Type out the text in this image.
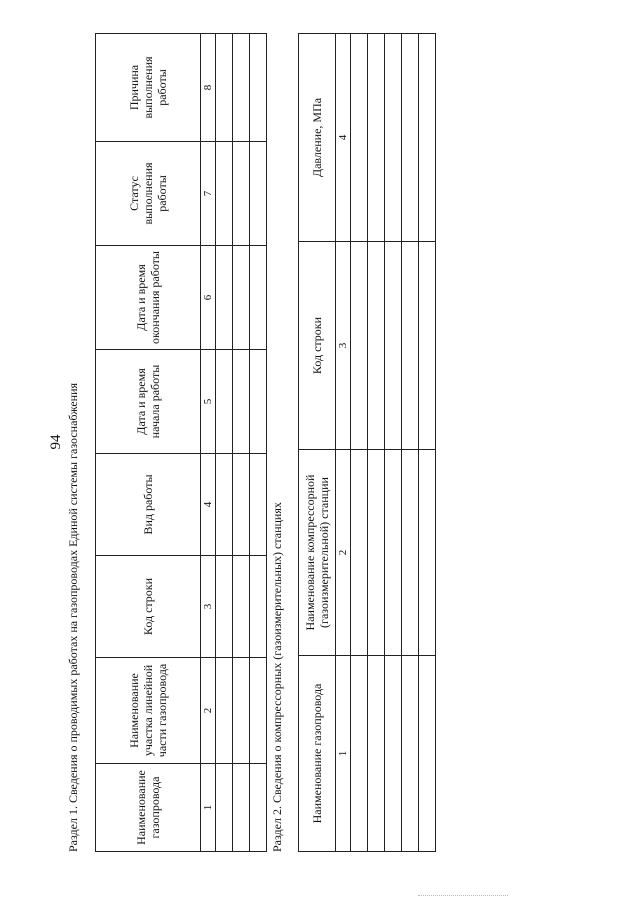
94 Раздел 1. Сведения о проводимых работах на газопроводах Единой системы газоснабжения	Наименование газопровода	Наименование участка линейной части газопровода	Код строки	Вид работы	Дата и время начала работы	Дата и время окончания работы	Статус выполнения работы	Причина выполнения работы
1	2	3	4	5	6	7	8

Раздел 2. Сведения о компрессорных (газоизмерительных) станциях Наименование газопровода	Наименование компрессорной (газоизмерительной) станции	Код строки	Давление, МПа
1	2	3	4
